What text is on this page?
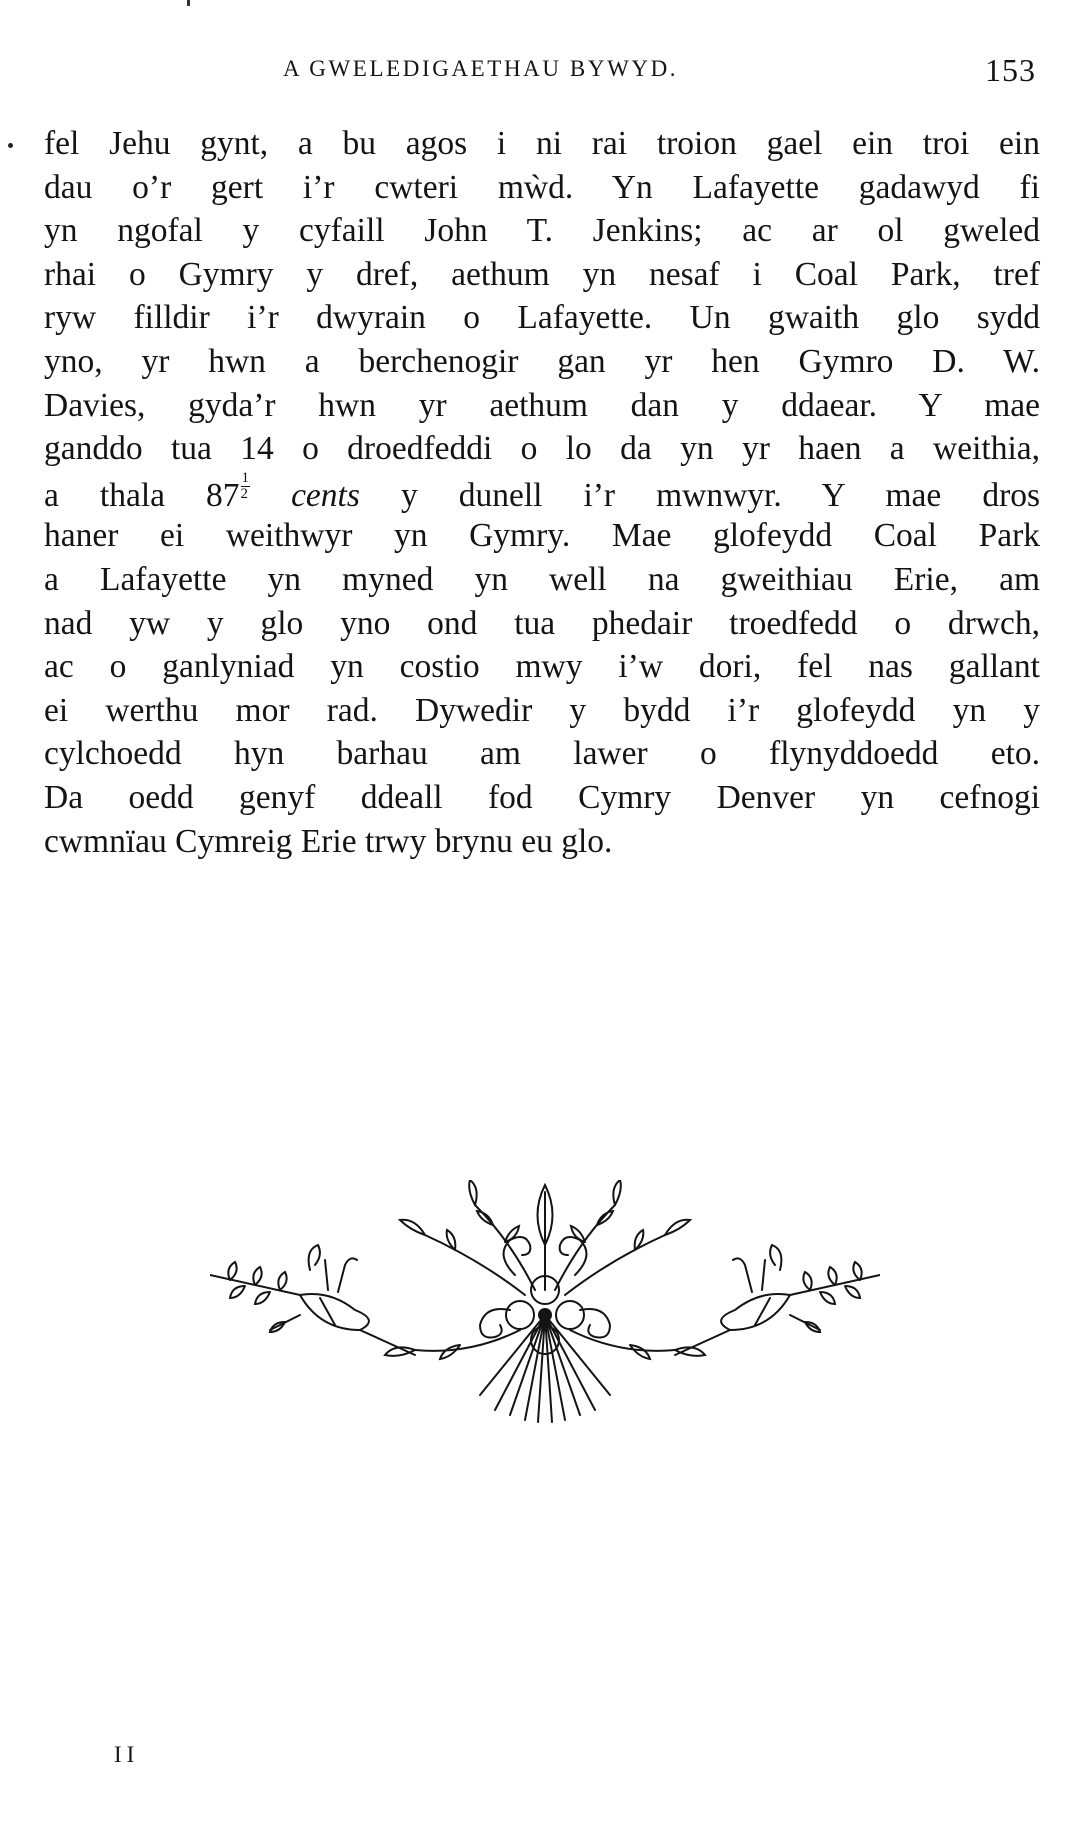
A GWELEDIGAETHAU BYWYD.	153
fel Jehu gynt, a bu agos i ni rai troion gael ein troi ein
dau o’r gert i’r cwteri mẁd. Yn Lafayette gadawyd fi
yn ngofal y cyfaill John T. Jenkins; ac ar ol gweled
rhai o Gymry y dref, aethum yn nesaf i Coal Park, tref
ryw filldir i’r dwyrain o Lafayette. Un gwaith glo sydd
yno, yr hwn a berchenogir gan yr hen Gymro D. W.
Davies, gyda’r hwn yr aethum dan y ddaear. Y mae
ganddo tua 14 o droedfeddi o lo da yn yr haen a weithia,
a thala $87 \frac{1}{2}$ cents y dunell i’r mwnwyr. Y mae dros
haner ei weithwyr yn Gymry. Mae glofeydd Coal Park
a Lafayette yn myned yn well na gweithiau Erie, am
nad yw y glo yno ond tua phedair troedfedd o drwch,
ac o ganlyniad yn costio mwy i’w dori, fel nas gallant
ei werthu mor rad. Dywedir y bydd i’r glofeydd yn y
cylchoedd hyn barhau am lawer o flynyddoedd eto.
Da oedd genyf ddeall fod Cymry Denver yn cefnogi
cwmnïau Cymreig Erie trwy brynu eu glo.
II
